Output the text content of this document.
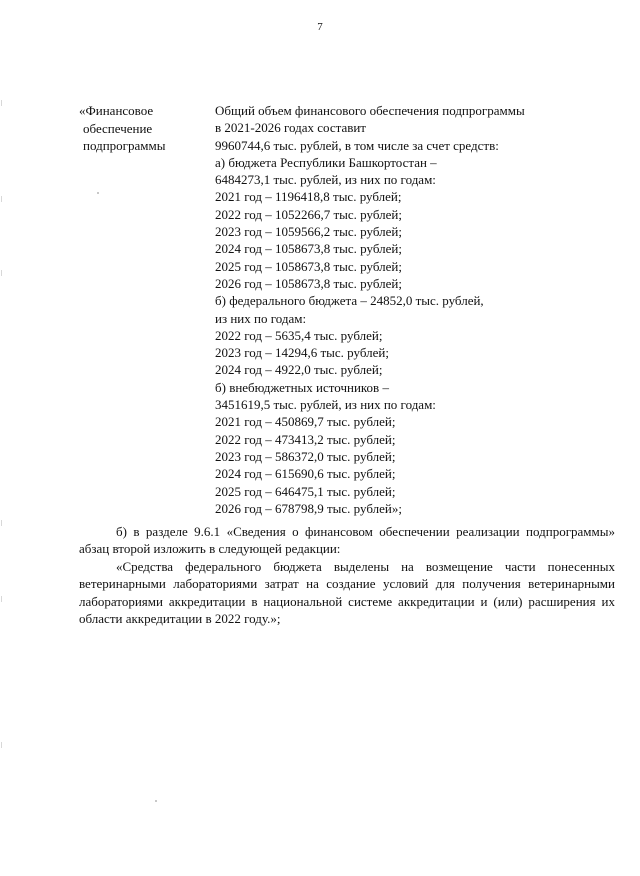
7
«Финансовое
обеспечение
подпрограммы
Общий объем финансового обеспечения подпрограммы
в 2021-2026 годах составит
9960744,6 тыс. рублей, в том числе за счет средств:
а) бюджета Республики Башкортостан –
6484273,1 тыс. рублей, из них по годам:
2021 год – 1196418,8 тыс. рублей;
2022 год – 1052266,7 тыс. рублей;
2023 год – 1059566,2 тыс. рублей;
2024 год – 1058673,8 тыс. рублей;
2025 год – 1058673,8 тыс. рублей;
2026 год – 1058673,8 тыс. рублей;
б) федерального бюджета – 24852,0 тыс. рублей,
из них по годам:
2022 год – 5635,4 тыс. рублей;
2023 год – 14294,6 тыс. рублей;
2024 год – 4922,0 тыс. рублей;
б) внебюджетных источников –
3451619,5 тыс. рублей, из них по годам:
2021 год – 450869,7 тыс. рублей;
2022 год – 473413,2 тыс. рублей;
2023 год – 586372,0 тыс. рублей;
2024 год – 615690,6 тыс. рублей;
2025 год – 646475,1 тыс. рублей;
2026 год – 678798,9 тыс. рублей»;
б) в разделе 9.6.1 «Сведения о финансовом обеспечении реализации подпрограммы» абзац второй изложить в следующей редакции:
«Средства федерального бюджета выделены на возмещение части понесенных ветеринарными лабораториями затрат на создание условий для получения ветеринарными лабораториями аккредитации в национальной системе аккредитации и (или) расширения их области аккредитации в 2022 году.»;
